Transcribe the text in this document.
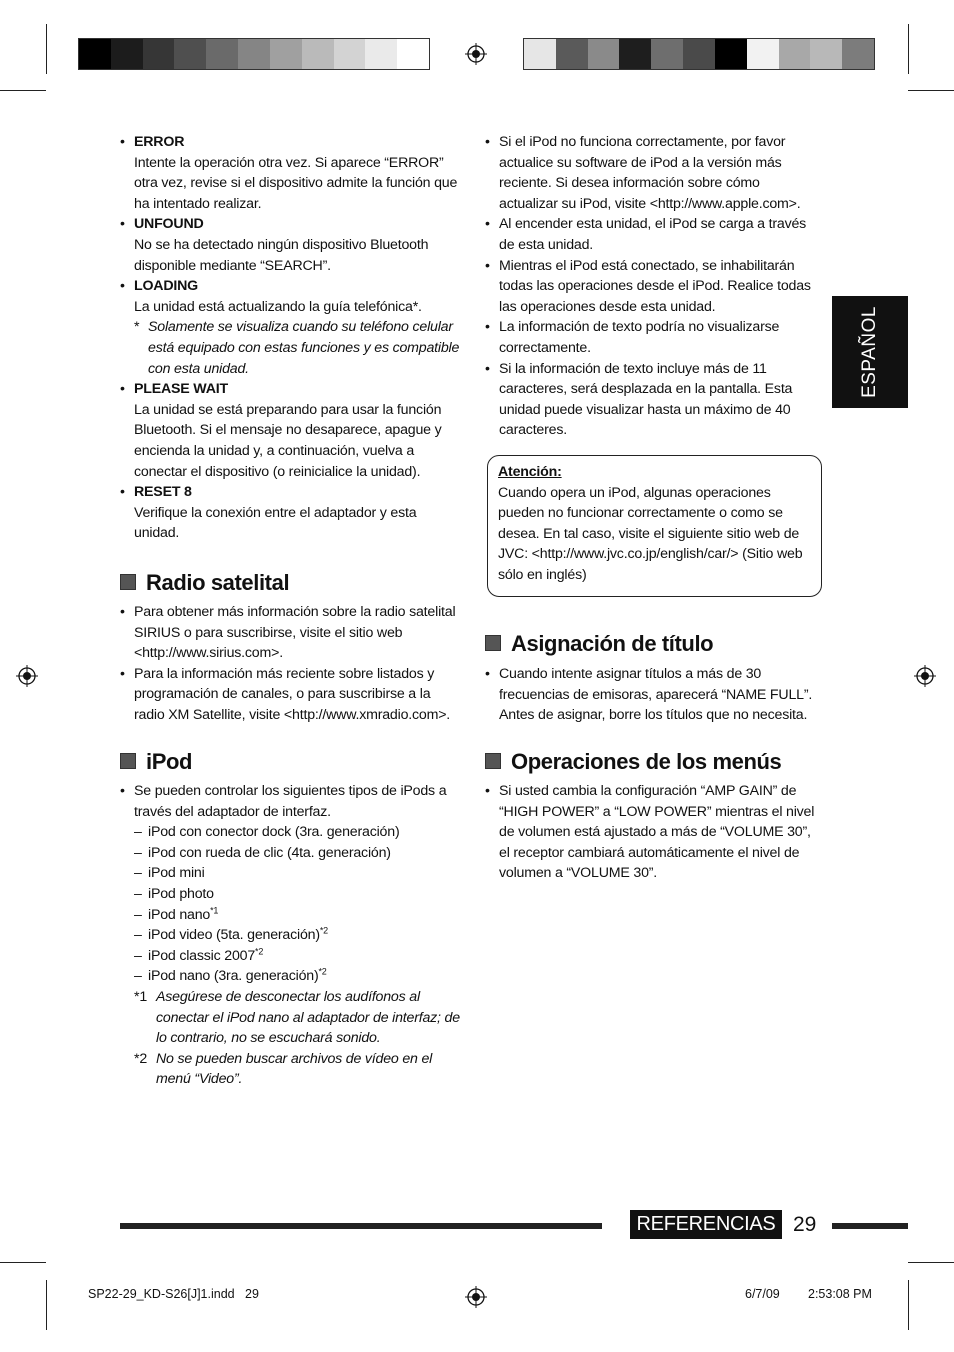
ESPAÑOL

• ERROR

Intente la operación otra vez. Si aparece “ERROR” otra vez, revise si el dispositivo admite la función que ha intentado realizar.

• UNFOUND

No se ha detectado ningún dispositivo Bluetooth disponible mediante “SEARCH”.

• LOADING

La unidad está actualizando la guía telefónica*.

* Solamente se visualiza cuando su teléfono celular está equipado con estas funciones y es compatible con esta unidad.

• PLEASE WAIT

La unidad se está preparando para usar la función Bluetooth. Si el mensaje no desaparece, apague y encienda la unidad y, a continuación, vuelva a conectar el dispositivo (o reinicialice la unidad).

• RESET 8

Verifique la conexión entre el adaptador y esta unidad.

Radio satelital

• Para obtener más información sobre la radio satelital SIRIUS o para suscribirse, visite el sitio web <http://www.sirius.com>.

• Para la información más reciente sobre listados y programación de canales, o para suscribirse a la radio XM Satellite, visite <http://www.xmradio.com>.

iPod

• Se pueden controlar los siguientes tipos de iPods a través del adaptador de interfaz.

– iPod con conector dock (3ra. generación)

– iPod con rueda de clic (4ta. generación)

– iPod mini

– iPod photo

– iPod nano$^{*1}$

– iPod video (5ta. generación)$^{*2}$

– iPod classic 2007$^{*2}$

– iPod nano (3ra. generación)$^{*2}$

*1 Asegúrese de desconectar los audífonos al conectar el iPod nano al adaptador de interfaz; de lo contrario, no se escuchará sonido.

*2 No se pueden buscar archivos de vídeo en el menú “Video”.

• Si el iPod no funciona correctamente, por favor actualice su software de iPod a la versión más reciente. Si desea información sobre cómo actualizar su iPod, visite <http://www.apple.com>.

• Al encender esta unidad, el iPod se carga a través de esta unidad.

• Mientras el iPod está conectado, se inhabilitarán todas las operaciones desde el iPod. Realice todas las operaciones desde esta unidad.

• La información de texto podría no visualizarse correctamente.

• Si la información de texto incluye más de 11 caracteres, será desplazada en la pantalla. Esta unidad puede visualizar hasta un máximo de 40 caracteres.

Atención:

Cuando opera un iPod, algunas operaciones pueden no funcionar correctamente o como se desea. En tal caso, visite el siguiente sitio web de JVC: <http://www.jvc.co.jp/english/car/> (Sitio web sólo en inglés)

Asignación de título

• Cuando intente asignar títulos a más de 30 frecuencias de emisoras, aparecerá “NAME FULL”. Antes de asignar, borre los títulos que no necesita.

Operaciones de los menús

• Si usted cambia la configuración “AMP GAIN” de “HIGH POWER” a “LOW POWER” mientras el nivel de volumen está ajustado a más de “VOLUME 30”, el receptor cambiará automáticamente el nivel de volumen a “VOLUME 30”.

REFERENCIAS 29
SP22-29_KD-S26[J]1.indd   29	6/7/09 2:53:08 PM
